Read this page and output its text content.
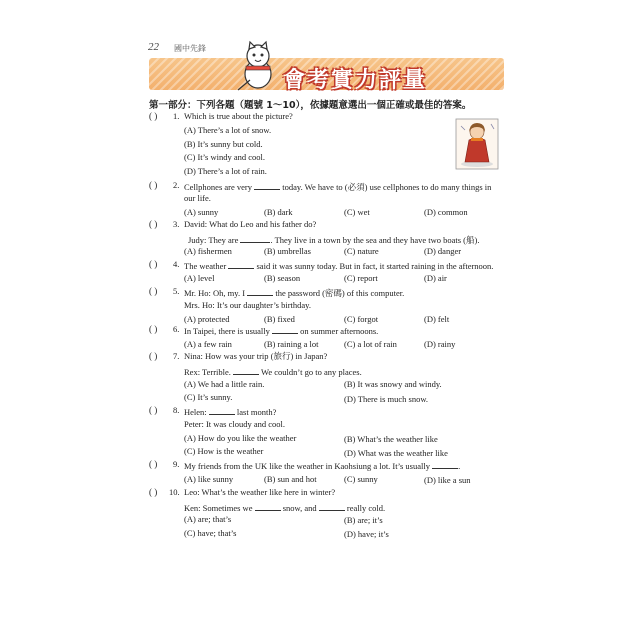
22 國中先鋒
會考實力評量
第一部分：下列各題（題號 1～10），依據題意選出一個正確或最佳的答案。
( ) 1. Which is true about the picture?
(A) There’s a lot of snow.
(B) It’s sunny but cold.
(C) It’s windy and cool.
(D) There’s a lot of rain.
( ) 2. Cellphones are very	today. We have to (必須) use cellphones to do many things in
our life.
(A) sunny	(B) dark	(C) wet	(D) common
( ) 3. David: What do Leo and his father do?
Judy: They are	. They live in a town by the sea and they have two boats (船).
(A) fishermen	(B) umbrellas	(C) nature	(D) danger
( ) 4. The weather	said it was sunny today. But in fact, it started raining in the afternoon.
(A) level	(B) season	(C) report	(D) air
( ) 5. Mr. Ho: Oh, my. I	the password (密碼) of this computer.
Mrs. Ho: It’s our daughter’s birthday.
(A) protected	(B) fixed	(C) forgot	(D) felt
( ) 6. In Taipei, there is usually	on summer afternoons.
(A) a few rain	(B) raining a lot	(C) a lot of rain	(D) rainy
( ) 7. Nina: How was your trip (旅行) in Japan?
Rex: Terrible.	We couldn’t go to any places.
(A) We had a little rain.	(B) It was snowy and windy.
(C) It’s sunny.	(D) There is much snow.
( ) 8. Helen:	last month?
Peter: It was cloudy and cool.
(A) How do you like the weather	(B) What’s the weather like
(C) How is the weather	(D) What was the weather like
( ) 9. My friends from the UK like the weather in Kaohsiung a lot. It’s usually	.
(A) like sunny	(B) sun and hot	(C) sunny	(D) like a sun
( ) 10. Leo: What’s the weather like here in winter?
Ken: Sometimes we	snow, and	really cold.
(A) are; that’s	(B) are; it’s
(C) have; that’s	(D) have; it’s
